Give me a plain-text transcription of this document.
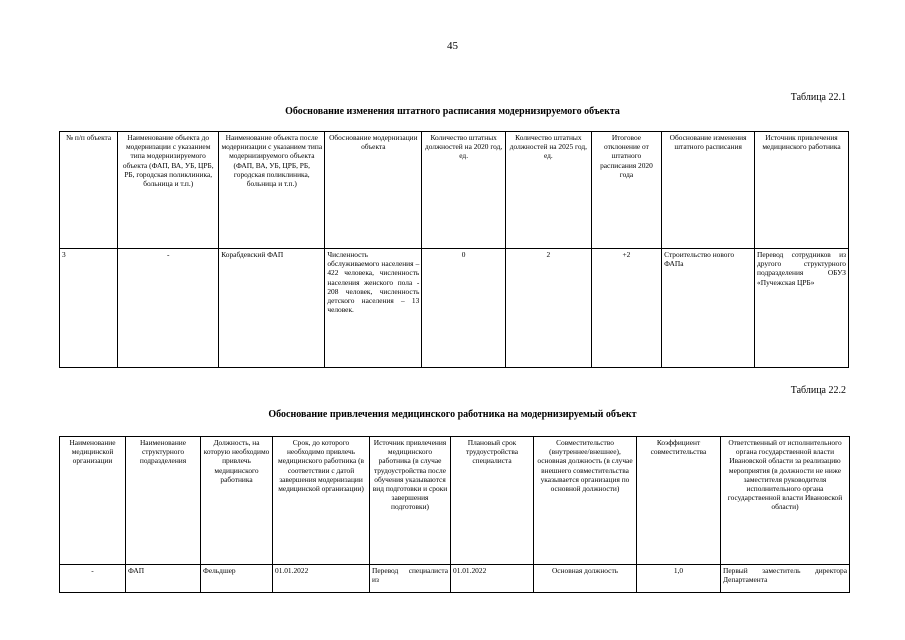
45
Таблица 22.1
Обоснование изменения штатного расписания модернизируемого объекта
№ п/п объекта	Наименование объекта до модернизации с указанием типа модернизируемого объекта (ФАП, ВА, УБ, ЦРБ, РБ, городская поликлиника, больница и т.п.)	Наименование объекта после модернизации с указанием типа модернизируемого объекта (ФАП, ВА, УБ, ЦРБ, РБ, городская поликлиника, больница и т.п.)	Обоснование модернизации объекта	Количество штатных должностей на 2020 год, ед.	Количество штатных должностей на 2025 год, ед.	Итоговое отклонение от штатного расписания 2020 года	Обоснование изменения штатного расписания	Источник привлечения медицинского работника
3	-	Корабдевский ФАП	Численность обслуживаемого населения – 422 человека, численность населения женского пола - 208 человек, численность детского населения – 13 человек.	0	2	+2	Строительство нового ФАПа	Перевод сотрудников из другого структурного подразделения ОБУЗ «Пучежская ЦРБ»
Таблица 22.2
Обоснование привлечения медицинского работника на модернизируемый объект
Наименование медицинской организации	Наименование структурного подразделения	Должность, на которую необходимо привлечь медицинского работника	Срок, до которого необходимо привлечь медицинского работника (в соответствии с датой завершения модернизации медицинской организации)	Источник привлечения медицинского работника (в случае трудоустройства после обучения указываются вид подготовки и сроки завершения подготовки)	Плановый срок трудоустройства специалиста	Совместительство (внутреннее/внешнее), основная должность (в случае внешнего совместительства указывается организация по основной должности)	Коэффициент совместительства	Ответственный от исполнительного органа государственной власти Ивановской области за реализацию мероприятия (в должности не ниже заместителя руководителя исполнительного органа государственной власти Ивановской области)
-	ФАП	Фельдшер	01.01.2022	Перевод специалиста из	01.01.2022	Основная должность	1,0	Первый заместитель директора Департамента
